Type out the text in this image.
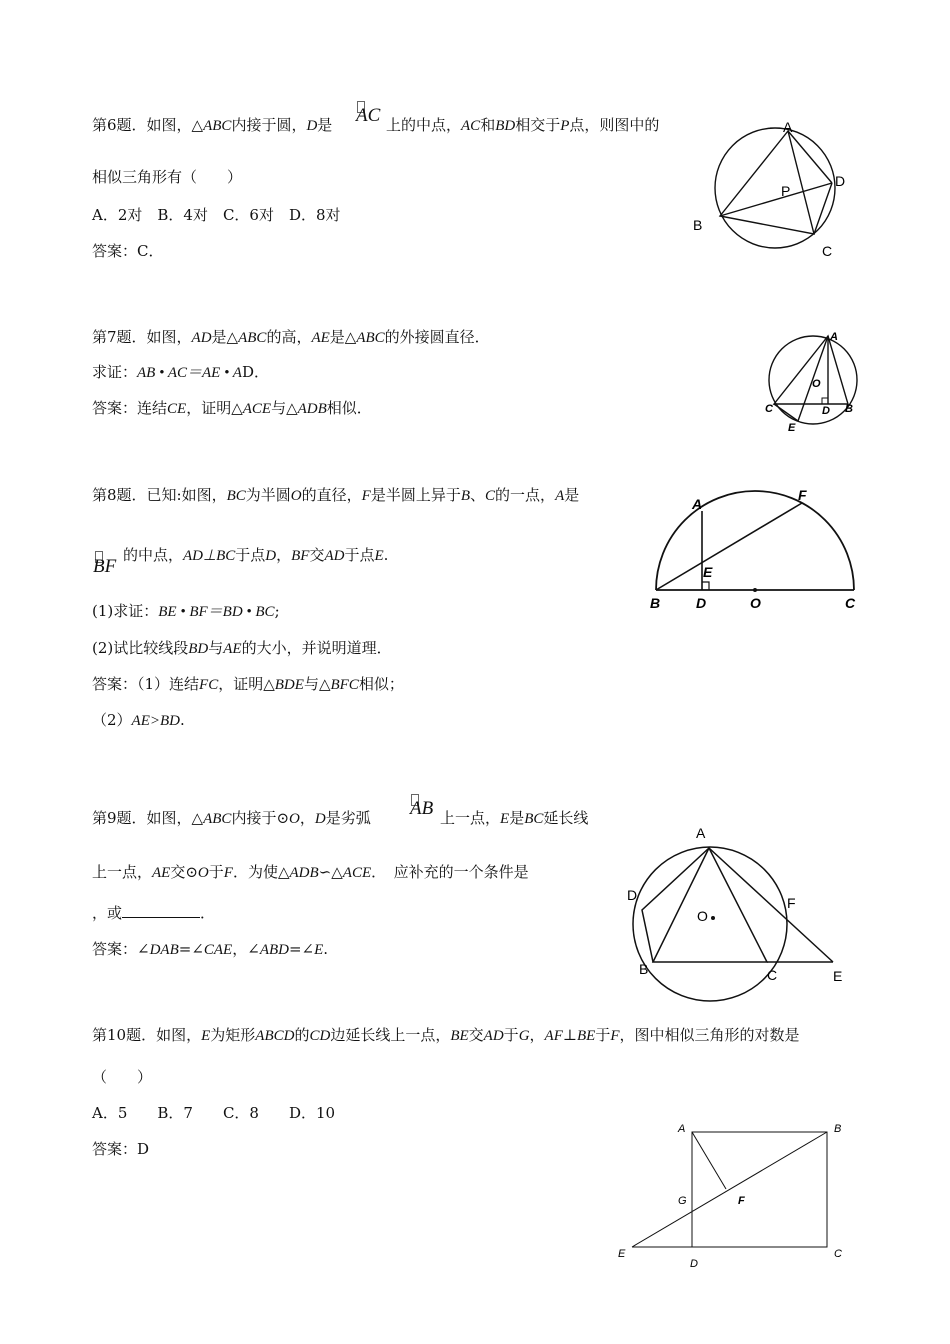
第6题．如图，△ABC内接于圆，D是 AC 上的中点，AC和BD相交于P点，则图中的
相似三角形有（　　）
A．2对　B．4对　C．6对　D．8对
答案：C．
A
B
C
D
P
第7题．如图，AD是△ABC的高，AE是△ABC的外接圆直径．
求证：AB • AC＝AE • AD．
答案：连结CE，证明△ACE与△ADB相似．
A
O
C	D B
E
第8题．已知:如图，BC为半圆O的直径，F是半圆上异于B、C的一点，A是
BF
的中点，AD⊥BC于点D，BF交AD于点E.
(1)求证：BE • BF＝BD • BC;
(2)试比较线段BD与AE的大小，并说明道理．
答案：（1）连结FC，证明△BDE与△BFC相似；
（2）AE>BD.
A
F
E
B	D	O	C
第9题．如图，△ABC内接于⊙O，D是劣弧 AB 上一点，E是BC延长线
上一点，AE交⊙O于F．为使△ADB∽△ACE．　应补充的一个条件是
，或	．
答案：∠DAB=∠CAE，∠ABD=∠E.
A
D
O
F
B	C	E
第10题．如图，E为矩形ABCD的CD边延长线上一点，BE交AD于G，AF⊥BE于F，图中相似三角形的对数是
（　　）
A．5　　B．7　　C．8　　D．10
答案：D
A	B
G	F
E
D
C
